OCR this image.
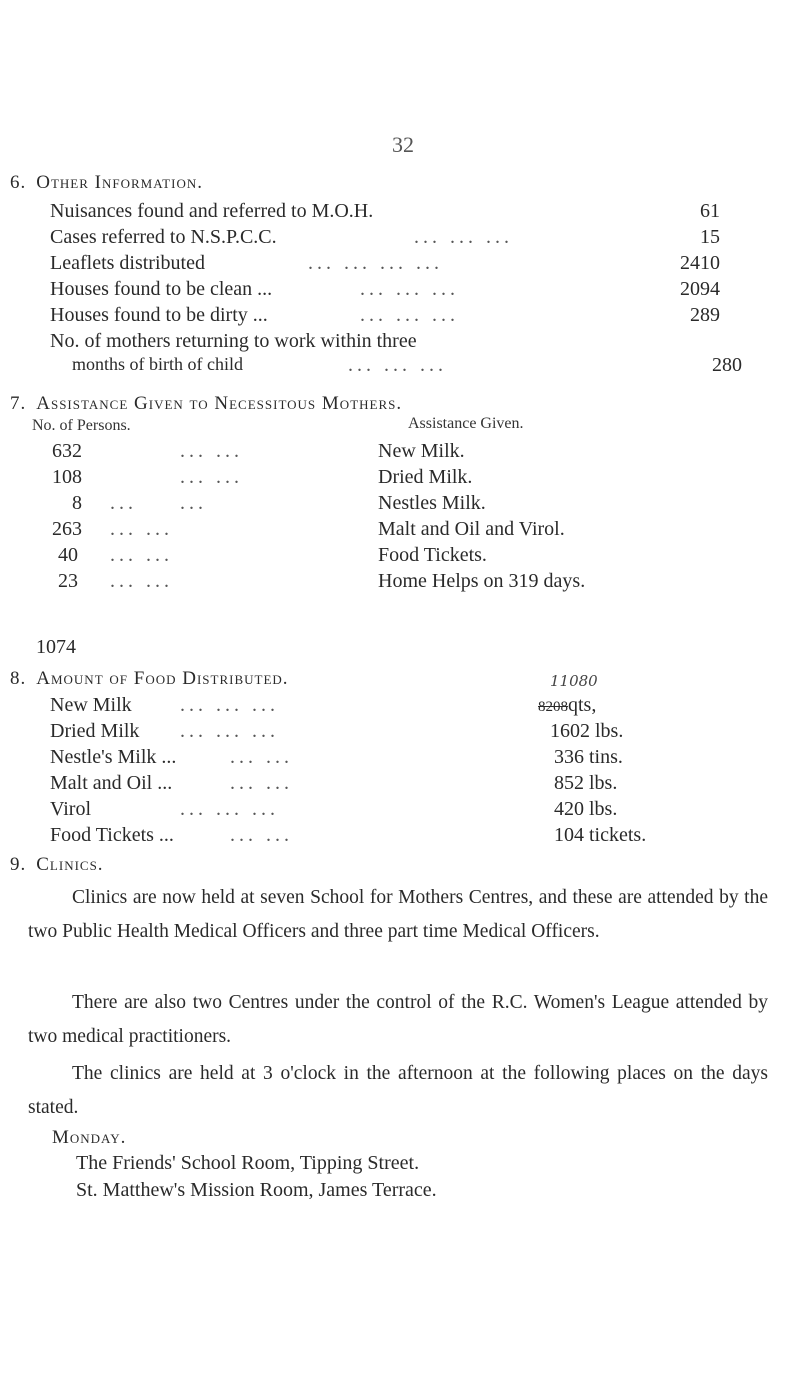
32
6. Other Information.
Nuisances found and referred to M.O.H.	61
Cases referred to N.S.P.C.C.	... ... ...	15
Leaflets distributed	... ... ... ...	2410
Houses found to be clean ...	... ... ...	2094
Houses found to be dirty ...	... ... ...	289
No. of mothers returning to work within three
months of birth of child	... ... ...	280
7. Assistance Given to Necessitous Mothers.
No. of Persons.	Assistance Given.
632	... ...	New Milk.
108	... ...	Dried Milk.
8 ... ...	Nestles Milk.
263 ... ...	Malt and Oil and Virol.
40 ... ...	Food Tickets.
23 ... ...	Home Helps on 319 days.
1074
8. Amount of Food Distributed.	11080
New Milk ... ... ...	8208qts,
Dried Milk ... ... ...	1602 lbs.
Nestle's Milk ...	... ...	336 tins.
Malt and Oil ...	... ...	852 lbs.
Virol	... ... ...	420 lbs.
Food Tickets ...	... ...	104 tickets.
9. Clinics.

Clinics are now held at seven School for Mothers Centres, and these are attended by the two Public Health Medical Officers and three part time Medical Officers.

There are also two Centres under the control of the R.C. Women's League attended by two medical practitioners.

The clinics are held at 3 o'clock in the afternoon at the following places on the days stated.

Monday.
The Friends' School Room, Tipping Street.
St. Matthew's Mission Room, James Terrace.
